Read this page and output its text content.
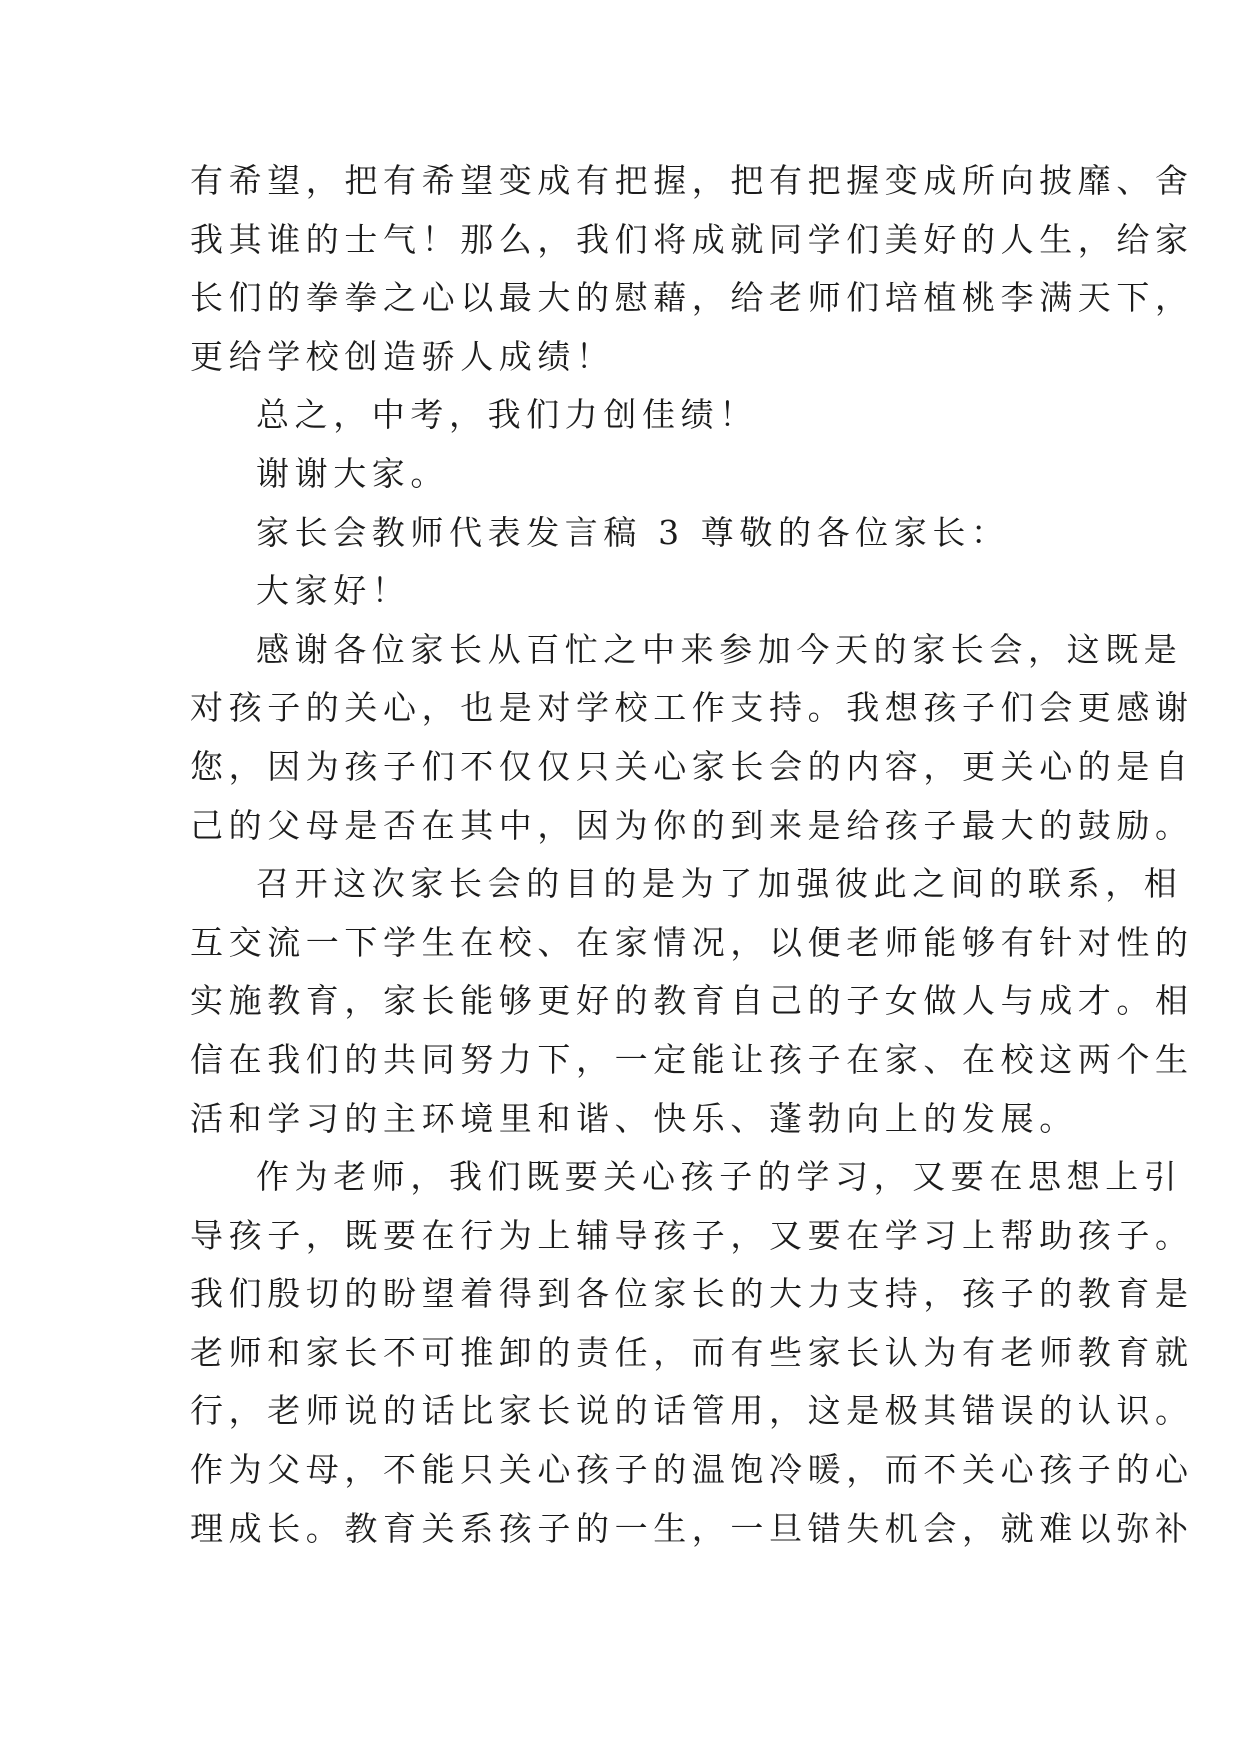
有希望，把有希望变成有把握，把有把握变成所向披靡、舍
我其谁的士气！那么，我们将成就同学们美好的人生，给家
长们的拳拳之心以最大的慰藉，给老师们培植桃李满天下，
更给学校创造骄人成绩！
总之，中考，我们力创佳绩！
谢谢大家。
家长会教师代表发言稿 3 尊敬的各位家长：
大家好！
感谢各位家长从百忙之中来参加今天的家长会，这既是
对孩子的关心，也是对学校工作支持。我想孩子们会更感谢
您，因为孩子们不仅仅只关心家长会的内容，更关心的是自
己的父母是否在其中，因为你的到来是给孩子最大的鼓励。
召开这次家长会的目的是为了加强彼此之间的联系，相
互交流一下学生在校、在家情况，以便老师能够有针对性的
实施教育，家长能够更好的教育自己的子女做人与成才。相
信在我们的共同努力下，一定能让孩子在家、在校这两个生
活和学习的主环境里和谐、快乐、蓬勃向上的发展。
作为老师，我们既要关心孩子的学习，又要在思想上引
导孩子，既要在行为上辅导孩子，又要在学习上帮助孩子。
我们殷切的盼望着得到各位家长的大力支持，孩子的教育是
老师和家长不可推卸的责任，而有些家长认为有老师教育就
行，老师说的话比家长说的话管用，这是极其错误的认识。
作为父母，不能只关心孩子的温饱冷暖，而不关心孩子的心
理成长。教育关系孩子的一生，一旦错失机会，就难以弥补
